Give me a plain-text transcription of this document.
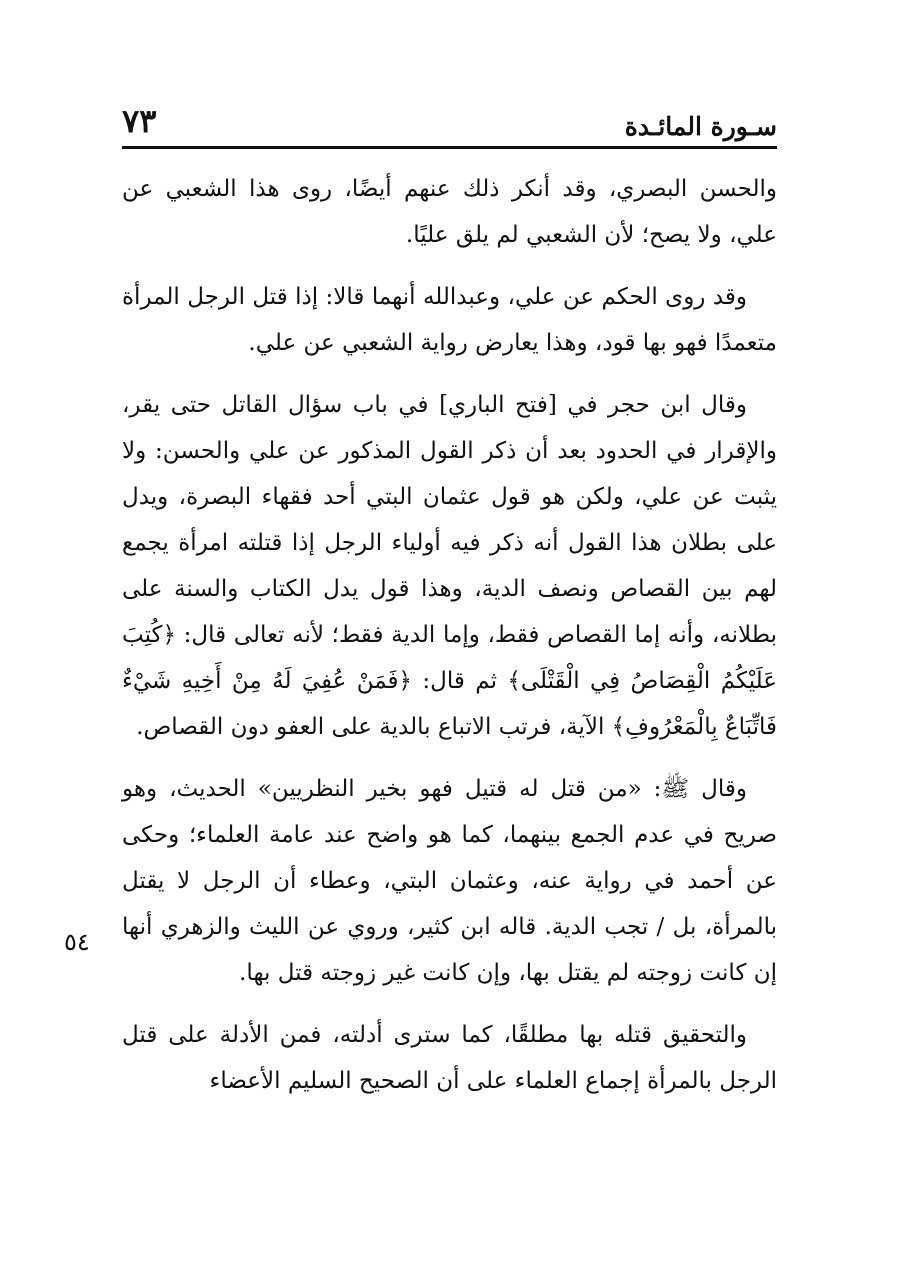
٧٣	سـورة المائـدة
٥٤

والحسن البصري، وقد أنكر ذلك عنهم أيضًا، روى هذا الشعبي عن علي، ولا يصح؛ لأن الشعبي لم يلق عليًا.

وقد روى الحكم عن علي، وعبدالله أنهما قالا: إذا قتل الرجل المرأة متعمدًا فهو بها قود، وهذا يعارض رواية الشعبي عن علي.

وقال ابن حجر في [فتح الباري] في باب سؤال القاتل حتى يقر، والإقرار في الحدود بعد أن ذكر القول المذكور عن علي والحسن: ولا يثبت عن علي، ولكن هو قول عثمان البتي أحد فقهاء البصرة، ويدل على بطلان هذا القول أنه ذكر فيه أولياء الرجل إذا قتلته امرأة يجمع لهم بين القصاص ونصف الدية، وهذا قول يدل الكتاب والسنة على بطلانه، وأنه إما القصاص فقط، وإما الدية فقط؛ لأنه تعالى قال: ﴿كُتِبَ عَلَيْكُمُ الْقِصَاصُ فِي الْقَتْلَى﴾ ثم قال: ﴿فَمَنْ عُفِيَ لَهُ مِنْ أَخِيهِ شَيْءٌ فَاتِّبَاعٌ بِالْمَعْرُوفِ﴾ الآية، فرتب الاتباع بالدية على العفو دون القصاص.

وقال ﷺ: «من قتل له قتيل فهو بخير النظريين» الحديث، وهو صريح في عدم الجمع بينهما، كما هو واضح عند عامة العلماء؛ وحكى عن أحمد في رواية عنه، وعثمان البتي، وعطاء أن الرجل لا يقتل بالمرأة، بل / تجب الدية. قاله ابن كثير، وروي عن الليث والزهري أنها إن كانت زوجته لم يقتل بها، وإن كانت غير زوجته قتل بها.

والتحقيق قتله بها مطلقًا، كما سترى أدلته، فمن الأدلة على قتل الرجل بالمرأة إجماع العلماء على أن الصحيح السليم الأعضاء
